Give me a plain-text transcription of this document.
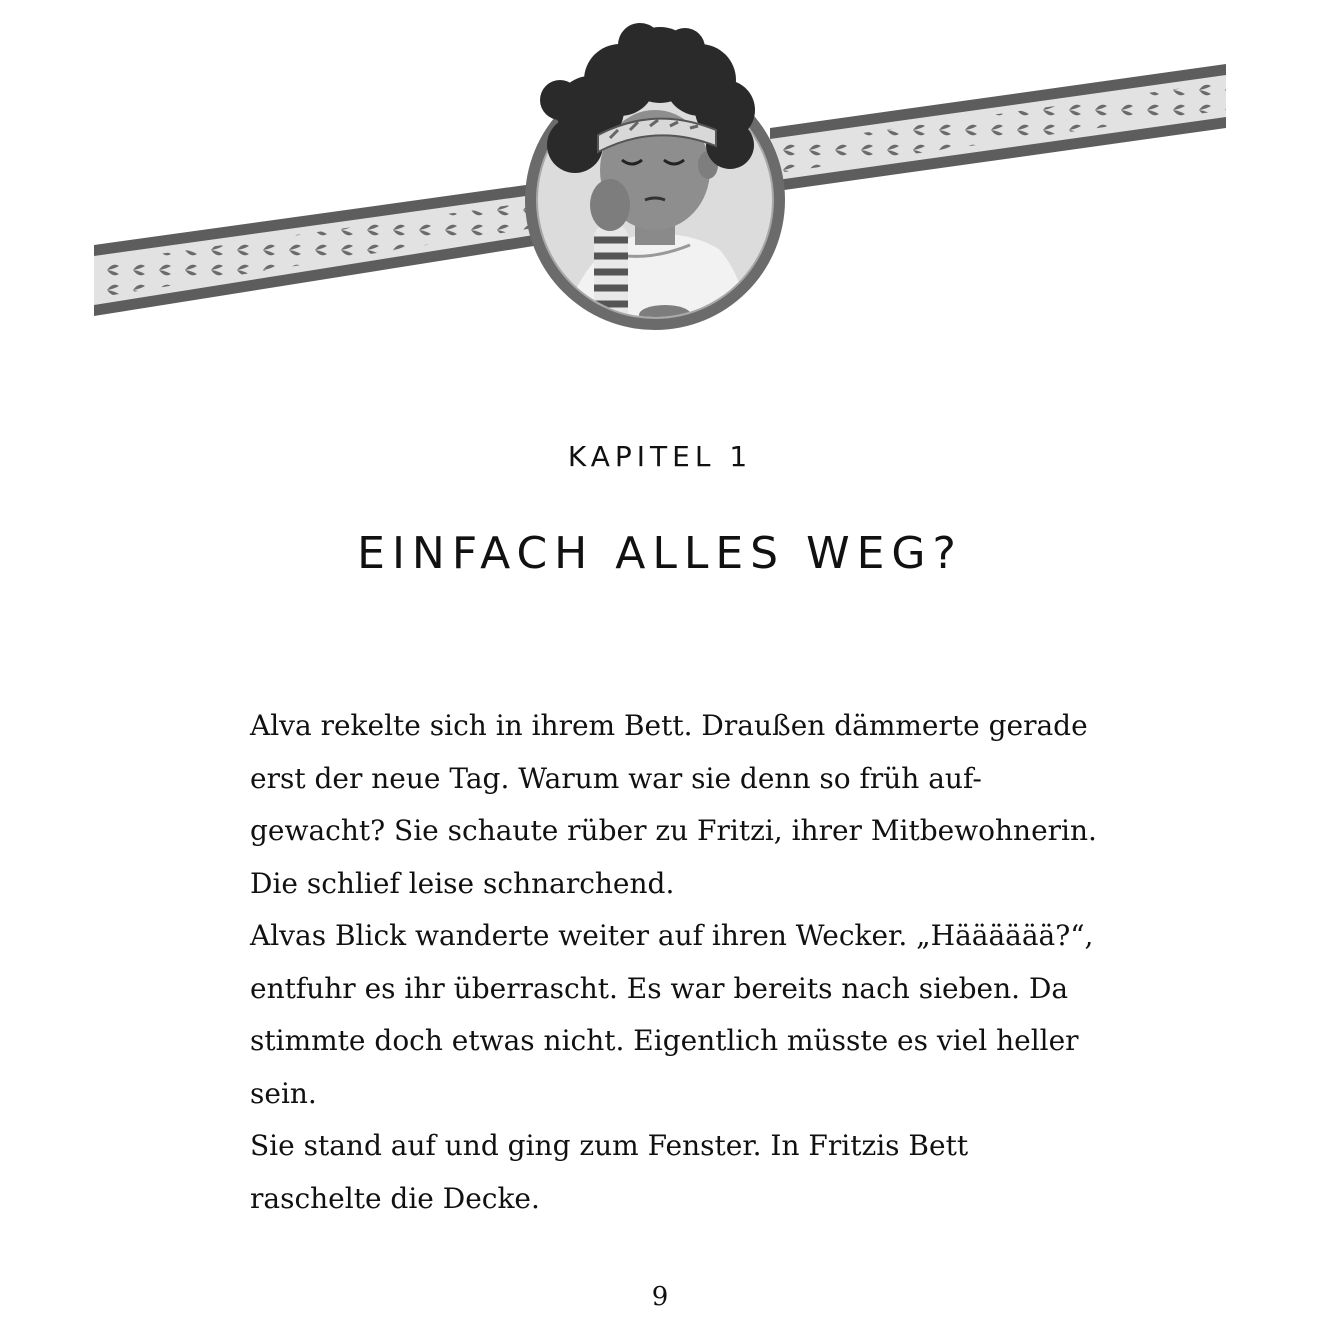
KAPITEL 1
EINFACH ALLES WEG?
Alva rekelte sich in ihrem Bett. Draußen dämmerte gerade
erst der neue Tag. Warum war sie denn so früh auf-
gewacht? Sie schaute rüber zu Fritzi, ihrer Mitbewohnerin.
Die schlief leise schnarchend.
Alvas Blick wanderte weiter auf ihren Wecker. „Hääääää?“,
entfuhr es ihr überrascht. Es war bereits nach sieben. Da
stimmte doch etwas nicht. Eigentlich müsste es viel heller
sein.
Sie stand auf und ging zum Fenster. In Fritzis Bett
raschelte die Decke.
9
